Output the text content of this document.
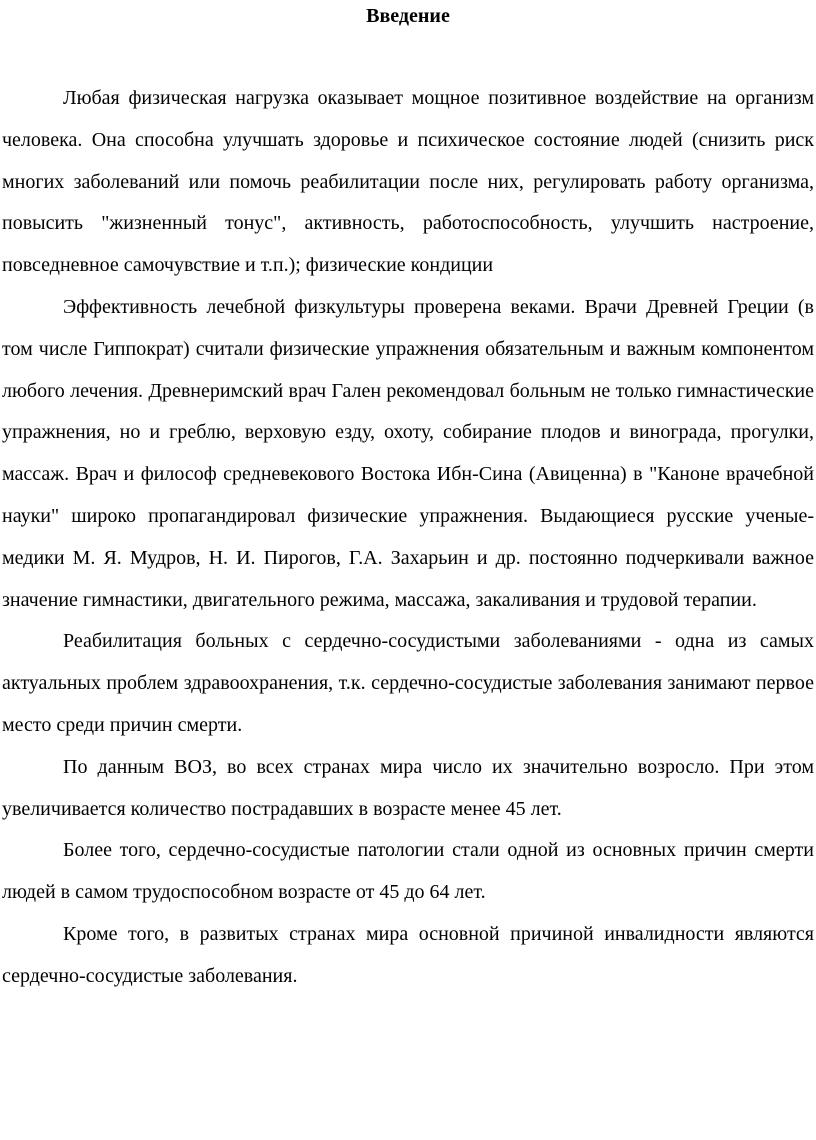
Введение

Любая физическая нагрузка оказывает мощное позитивное воздействие на организм человека. Она способна улучшать здоровье и психическое состояние людей (снизить риск многих заболеваний или помочь реабилитации после них, регулировать работу организма, повысить "жизненный тонус", активность, работоспособность, улучшить настроение, повседневное самочувствие и т.п.); физические кондиции

Эффективность лечебной физкультуры проверена веками. Врачи Древней Греции (в том числе Гиппократ) считали физические упражнения обязательным и важным компонентом любого лечения. Древнеримский врач Гален рекомендовал больным не только гимнастические упражнения, но и греблю, верховую езду, охоту, собирание плодов и винограда, прогулки, массаж. Врач и философ средневекового Востока Ибн-Сина (Авиценна) в "Каноне врачебной науки" широко пропагандировал физические упражнения. Выдающиеся русские ученые-медики М. Я. Мудров, Н. И. Пирогов, Г.А. Захарьин и др. постоянно подчеркивали важное значение гимнастики, двигательного режима, массажа, закаливания и трудовой терапии.

Реабилитация больных с сердечно-сосудистыми заболеваниями - одна из самых актуальных проблем здравоохранения, т.к. сердечно-сосудистые заболевания занимают первое место среди причин смерти.

По данным ВОЗ, во всех странах мира число их значительно возросло. При этом увеличивается количество пострадавших в возрасте менее 45 лет.

Более того, сердечно-сосудистые патологии стали одной из основных причин смерти людей в самом трудоспособном возрасте от 45 до 64 лет.

Кроме того, в развитых странах мира основной причиной инвалидности являются сердечно-сосудистые заболевания.
